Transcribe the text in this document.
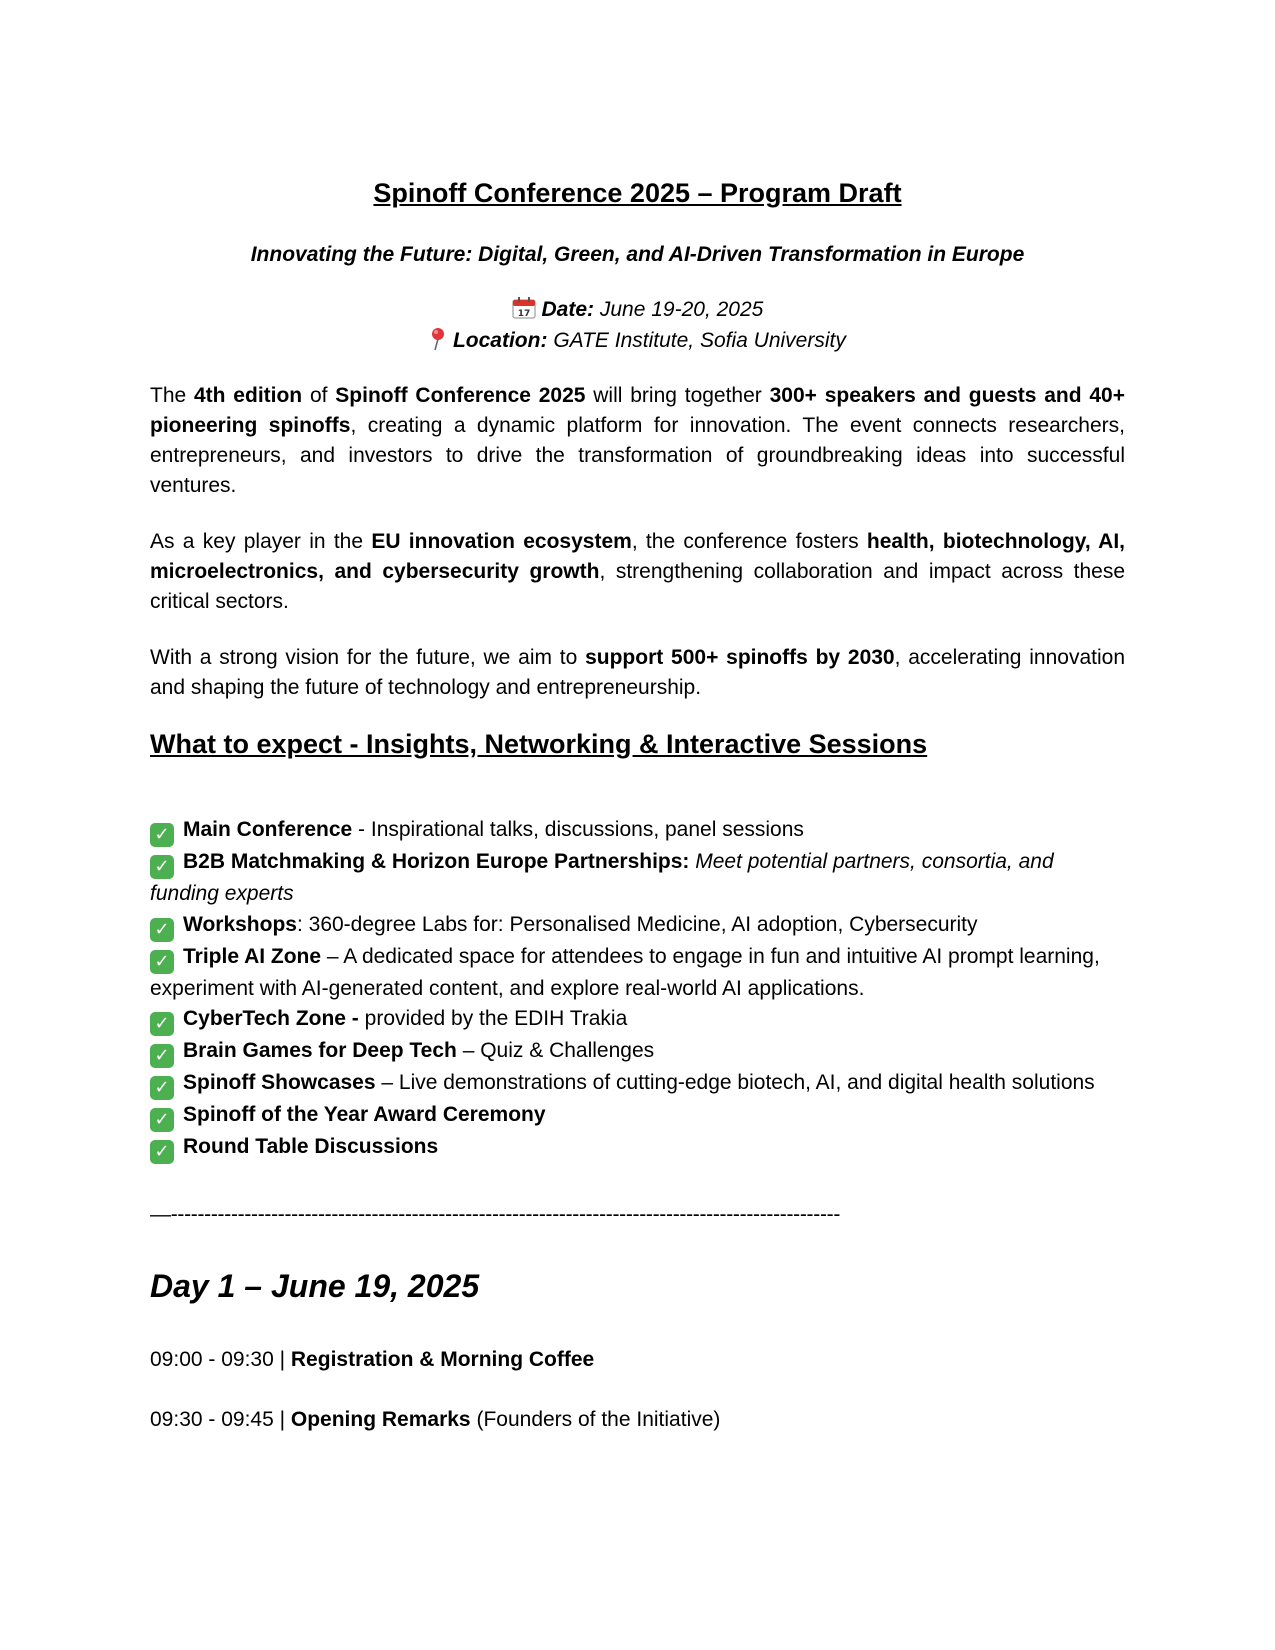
Spinoff Conference 2025 – Program Draft

Innovating the Future: Digital, Green, and AI-Driven Transformation in Europe

17 Date: June 19-20, 2025

Location: GATE Institute, Sofia University

The 4th edition of Spinoff Conference 2025 will bring together 300+ speakers and guests and 40+ pioneering spinoffs, creating a dynamic platform for innovation. The event connects researchers, entrepreneurs, and investors to drive the transformation of groundbreaking ideas into successful ventures.

As a key player in the EU innovation ecosystem, the conference fosters health, biotechnology, AI, microelectronics, and cybersecurity growth, strengthening collaboration and impact across these critical sectors.

With a strong vision for the future, we aim to support 500+ spinoffs by 2030, accelerating innovation and shaping the future of technology and entrepreneurship.

What to expect - Insights, Networking & Interactive Sessions
✓ Main Conference - Inspirational talks, discussions, panel sessions
✓ B2B Matchmaking & Horizon Europe Partnerships: Meet potential partners, consortia, and funding experts
✓ Workshops: 360-degree Labs for: Personalised Medicine, AI adoption, Cybersecurity
✓ Triple AI Zone – A dedicated space for attendees to engage in fun and intuitive AI prompt learning, experiment with AI-generated content, and explore real-world AI applications.
✓ CyberTech Zone - provided by the EDIH Trakia
✓ Brain Games for Deep Tech – Quiz & Challenges
✓ Spinoff Showcases – Live demonstrations of cutting-edge biotech, AI, and digital health solutions
✓ Spinoff of the Year Award Ceremony
✓ Round Table Discussions

—----------------------------------------------------------------------------------------------------

Day 1 – June 19, 2025

09:00 - 09:30 | Registration & Morning Coffee

09:30 - 09:45 | Opening Remarks (Founders of the Initiative)
